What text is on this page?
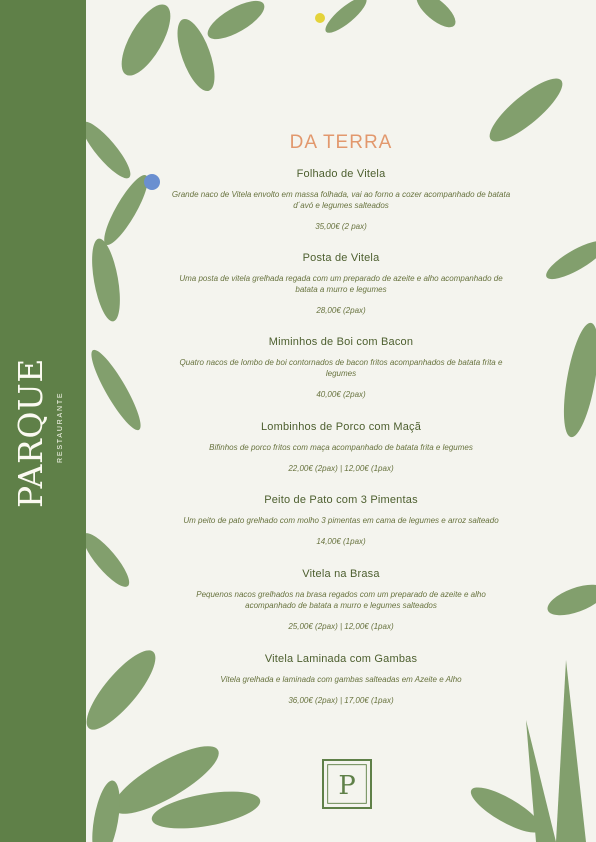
PARQUE RESTAURANTE
DA TERRA
Folhado de Vitela
Grande naco de Vitela envolto em massa folhada, vai ao forno a cozer acompanhado de batata d´avó e legumes salteados
35,00€ (2 pax)
Posta de Vitela
Uma posta de vitela grelhada regada com um preparado de azeite e alho acompanhado de batata a murro e legumes
28,00€ (2pax)
Miminhos de Boi com Bacon
Quatro nacos de lombo de boi contornados de bacon fritos acompanhados de batata frita e legumes
40,00€ (2pax)
Lombinhos de Porco com Maçã
Bifinhos de porco fritos com maça acompanhado de batata frita e legumes
22,00€ (2pax) | 12,00€ (1pax)
Peito de Pato com 3 Pimentas
Um peito de pato grelhado com molho 3 pimentas em cama de legumes e arroz salteado
14,00€ (1pax)
Vitela na Brasa
Pequenos nacos grelhados na brasa regados com um preparado de azeite e alho acompanhado de batata a murro e legumes salteados
25,00€ (2pax) | 12,00€ (1pax)
Vitela Laminada com Gambas
Vitela grelhada e laminada com gambas salteadas em Azeite e Alho
36,00€ (2pax) | 17,00€ (1pax)
P
